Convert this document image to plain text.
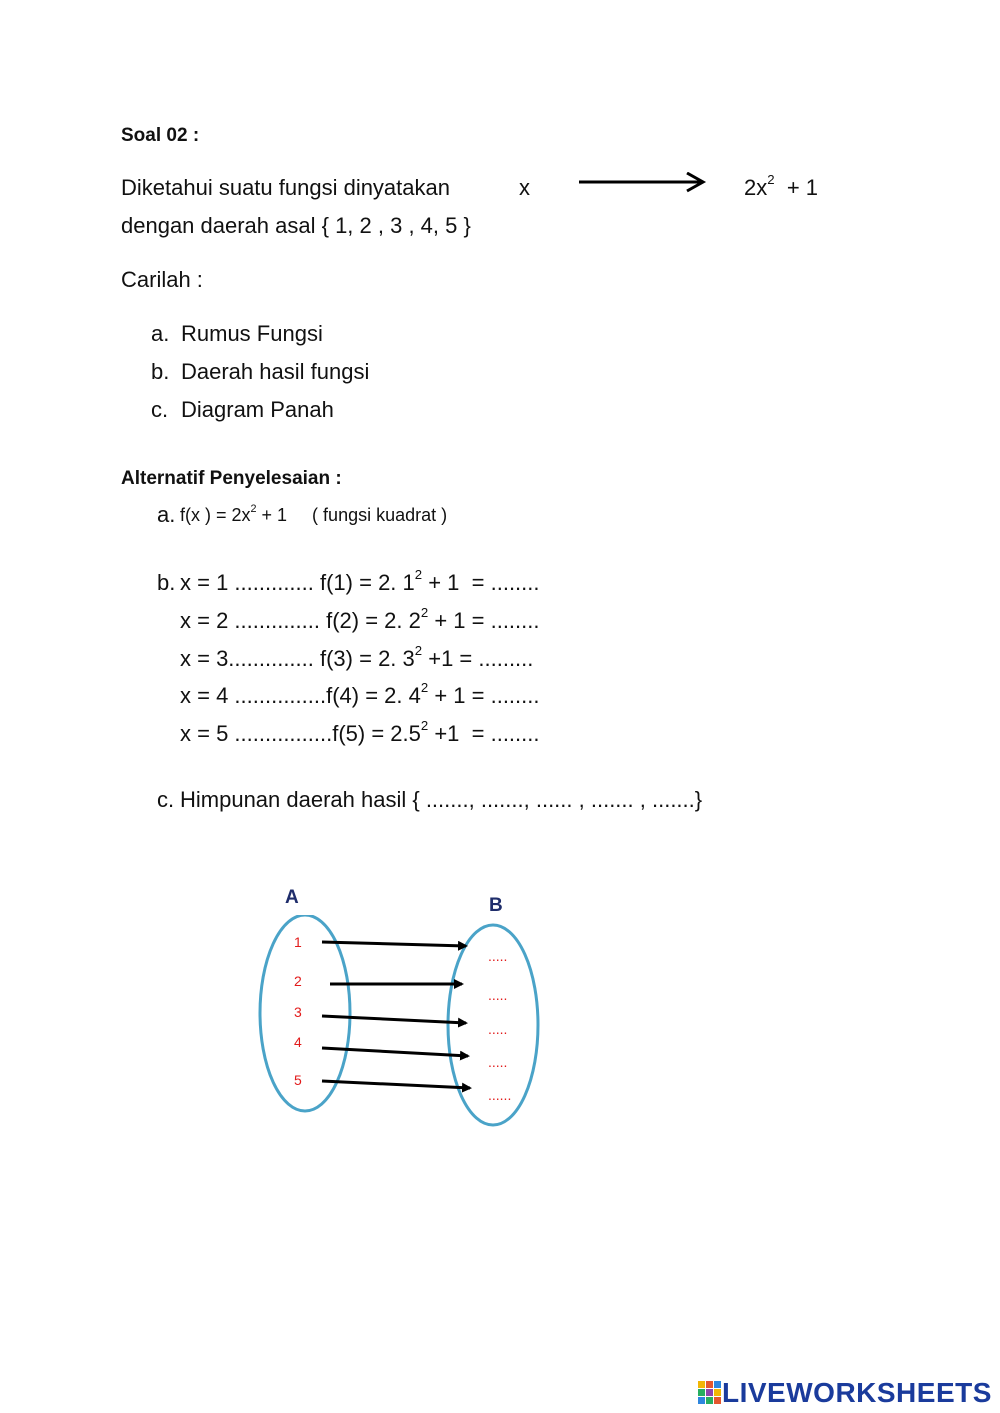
Soal 02 :
Diketahui suatu fungsi dinyatakan	x	$2x^2 + 1$
dengan daerah asal { 1, 2 , 3 , 4, 5 }
Carilah :
a. Rumus Fungsi
b. Daerah hasil fungsi
c. Diagram Panah
Alternatif Penyelesaian :
a. f(x ) = $2x^2 + 1$     ( fungsi kuadrat )
b. x = 1 ............. f(1) = 2. $1^2 + 1$  = ........
x = 2 .............. f(2) = 2. $2^2 + 1$ = ........
x = 3.............. f(3) = 2. $3^2 +1$ = .........
x = 4 ...............f(4) = 2. $4^2 + 1$ = ........
x = 5 $................f(5) = 2.5^2 +1$  = ........
c. Himpunan daerah hasil { ......., ......., ...... , ....... , .......}
A	B
1
2
3
4
5
.....
.....
.....
.....
......
LIVEWORKSHEETS
